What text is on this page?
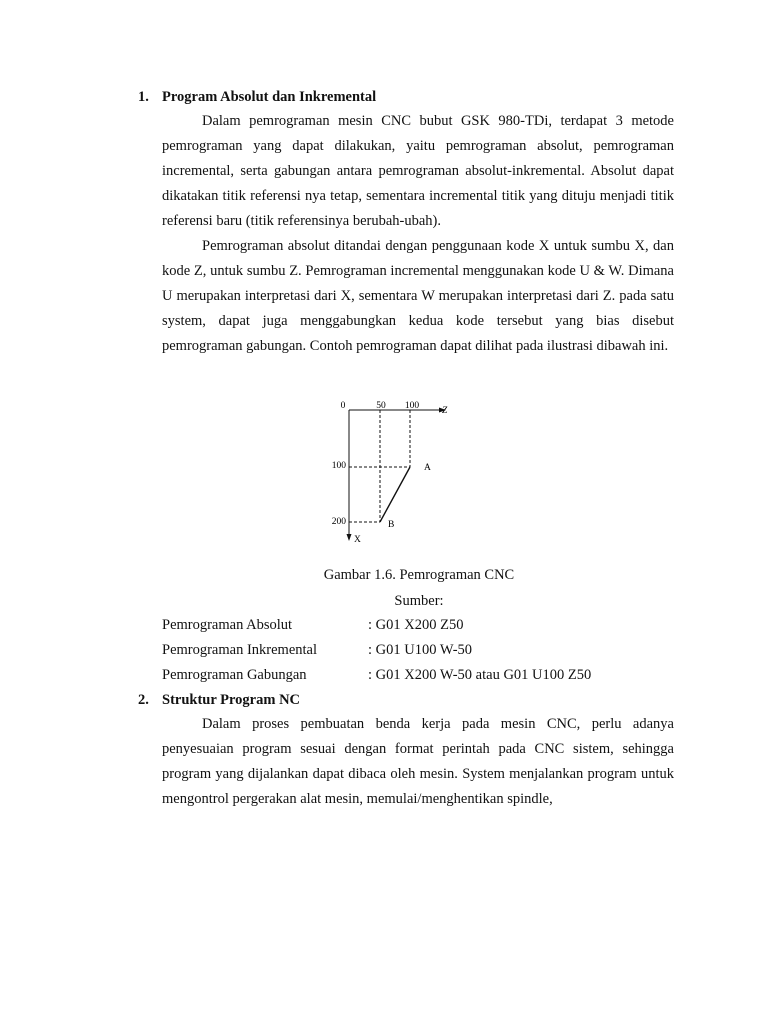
1. Program Absolut dan Inkremental

Dalam pemrograman mesin CNC bubut GSK 980-TDi, terdapat 3 metode pemrograman yang dapat dilakukan, yaitu pemrograman absolut, pemrograman incremental, serta gabungan antara pemrograman absolut-inkremental. Absolut dapat dikatakan titik referensi nya tetap, sementara incremental titik yang dituju menjadi titik referensi baru (titik referensinya berubah-ubah).

Pemrograman absolut ditandai dengan penggunaan kode X untuk sumbu X, dan kode Z, untuk sumbu Z. Pemrograman incremental menggunakan kode U & W. Dimana U merupakan interpretasi dari X, sementara W merupakan interpretasi dari Z. pada satu system, dapat juga menggabungkan kedua kode tersebut yang bias disebut pemrograman gabungan. Contoh pemrograman dapat dilihat pada ilustrasi dibawah ini.

0	50 100 Z
100
200
X
A
B
Gambar 1.6. Pemrograman CNC
Sumber:
Pemrograman Absolut	: G01 X200 Z50
Pemrograman Inkremental	: G01 U100 W-50
Pemrograman Gabungan	: G01 X200 W-50 atau G01 U100 Z50
2. Struktur Program NC

Dalam proses pembuatan benda kerja pada mesin CNC, perlu adanya penyesuaian program sesuai dengan format perintah pada CNC sistem, sehingga program yang dijalankan dapat dibaca oleh mesin. System menjalankan program untuk mengontrol pergerakan alat mesin, memulai/menghentikan spindle,
